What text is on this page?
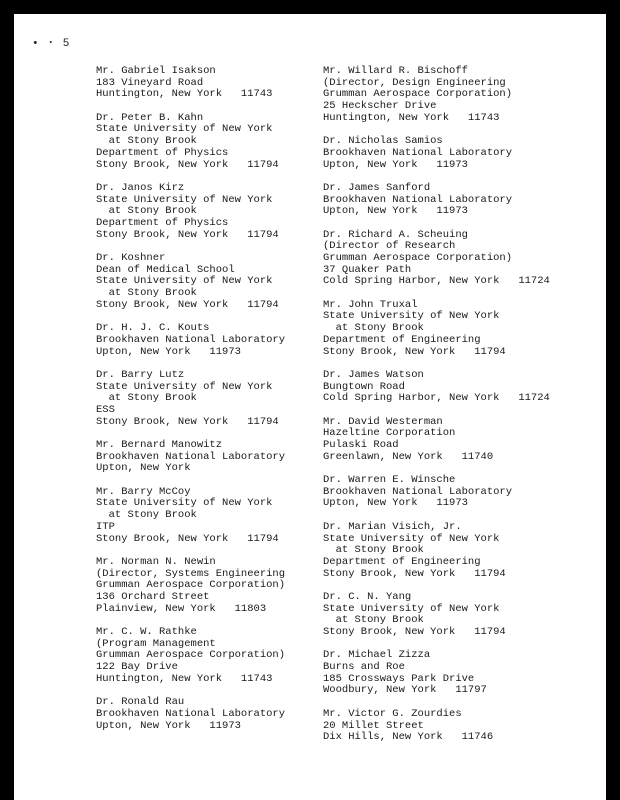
• ・ 5
Mr. Gabriel Isakson
183 Vineyard Road
Huntington, New York   11743
Dr. Peter B. Kahn
State University of New York
at Stony Brook
Department of Physics
Stony Brook, New York   11794
Dr. Janos Kirz
State University of New York
at Stony Brook
Department of Physics
Stony Brook, New York   11794
Dr. Koshner
Dean of Medical School
State University of New York
at Stony Brook
Stony Brook, New York   11794
Dr. H. J. C. Kouts
Brookhaven National Laboratory
Upton, New York   11973
Dr. Barry Lutz
State University of New York
at Stony Brook
ESS
Stony Brook, New York   11794
Mr. Bernard Manowitz
Brookhaven National Laboratory
Upton, New York
Mr. Barry McCoy
State University of New York
at Stony Brook
ITP
Stony Brook, New York   11794
Mr. Norman N. Newin
(Director, Systems Engineering
Grumman Aerospace Corporation)
136 Orchard Street
Plainview, New York   11803
Mr. C. W. Rathke
(Program Management
Grumman Aerospace Corporation)
122 Bay Drive
Huntington, New York   11743
Dr. Ronald Rau
Brookhaven National Laboratory
Upton, New York   11973
Mr. Willard R. Bischoff
(Director, Design Engineering
Grumman Aerospace Corporation)
25 Heckscher Drive
Huntington, New York   11743
Dr. Nicholas Samios
Brookhaven National Laboratory
Upton, New York   11973
Dr. James Sanford
Brookhaven National Laboratory
Upton, New York   11973
Dr. Richard A. Scheuing
(Director of Research
Grumman Aerospace Corporation)
37 Quaker Path
Cold Spring Harbor, New York   11724
Mr. John Truxal
State University of New York
at Stony Brook
Department of Engineering
Stony Brook, New York   11794
Dr. James Watson
Bungtown Road
Cold Spring Harbor, New York   11724
Mr. David Westerman
Hazeltine Corporation
Pulaski Road
Greenlawn, New York   11740
Dr. Warren E. Winsche
Brookhaven National Laboratory
Upton, New York   11973
Dr. Marian Visich, Jr.
State University of New York
at Stony Brook
Department of Engineering
Stony Brook, New York   11794
Dr. C. N. Yang
State University of New York
at Stony Brook
Stony Brook, New York   11794
Dr. Michael Zizza
Burns and Roe
185 Crossways Park Drive
Woodbury, New York   11797
Mr. Victor G. Zourdies
20 Millet Street
Dix Hills, New York   11746
